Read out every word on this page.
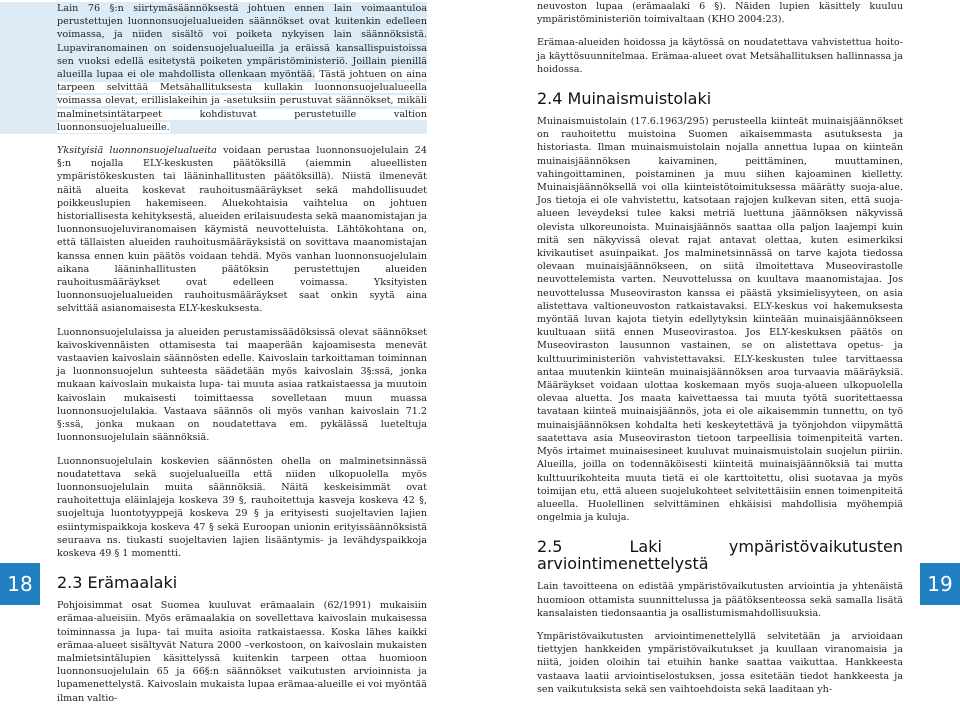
Lain 76 §:n siirtymäsäännöksestä johtuen ennen lain voimaantuloa perustettujen luonnonsuojelualueiden säännökset ovat kuitenkin edelleen voimassa, ja niiden sisältö voi poiketa nykyisen lain säännöksistä. Lupaviranomainen on soidensuojelualueilla ja eräissä kansallispuistoissa sen vuoksi edellä esitetystä poiketen ympäristöministeriö. Joillain pienillä alueilla lupaa ei ole mahdollista ollenkaan myöntää. Tästä johtuen on aina tarpeen selvittää Metsähallituksesta kullakin luonnonsuojelualueella voimassa olevat, erillislakeihin ja -asetuksiin perustuvat säännökset, mikäli malminetsintätarpeet kohdistuvat perustetuille valtion luonnonsuojelualueille.

Yksityisiä luonnonsuojelualueita voidaan perustaa luonnonsuojelulain 24 §:n nojalla ELY-keskusten päätöksillä (aiemmin alueellisten ympäristökeskusten tai lääninhallitusten päätöksillä). Niistä ilmenevät näitä alueita koskevat rauhoitusmääräykset sekä mahdollisuudet poikkeuslupien hakemiseen. Aluekohtaisia vaihtelua on johtuen historiallisesta kehityksestä, alueiden erilaisuudesta sekä maanomistajan ja luonnonsuojeluviranomaisen käymistä neuvotteluista. Lähtökohtana on, että tällaisten alueiden rauhoitusmääräyksistä on sovittava maanomistajan kanssa ennen kuin päätös voidaan tehdä. Myös vanhan luonnonsuojelulain aikana lääninhallitusten päätöksin perustettujen alueiden rauhoitusmääräykset ovat edelleen voimassa. Yksityisten luonnonsuojelualueiden rauhoitusmääräykset saat onkin syytä aina selvittää asianomaisesta ELY-keskuksesta.

Luonnonsuojelulaissa ja alueiden perustamissäädöksissä olevat säännökset kaivoskivennäisten ottamisesta tai maaperään kajoamisesta menevät vastaavien kaivoslain säännösten edelle. Kaivoslain tarkoittaman toiminnan ja luonnonsuojelun suhteesta säädetään myös kaivoslain 3§:ssä, jonka mukaan kaivoslain mukaista lupa- tai muuta asiaa ratkaistaessa ja muutoin kaivoslain mukaisesti toimittaessa sovelletaan muun muassa luonnonsuojelulakia. Vastaava säännös oli myös vanhan kaivoslain 71.2 §:ssä, jonka mukaan on noudatettava em. pykälässä lueteltuja luonnonsuojelulain säännöksiä.

Luonnonsuojelulain koskevien säännösten ohella on malminetsinnässä noudatettava sekä suojelualueilla että niiden ulkopuolella myös luonnonsuojelulain muita säännöksiä. Näitä keskeisimmät ovat rauhoitettuja eläinlajeja koskeva 39 §, rauhoitettuja kasveja koskeva 42 §, suojeltuja luontotyyppejä koskeva 29 § ja erityisesti suojeltavien lajien esiintymispaikkoja koskeva 47 § sekä Euroopan unionin erityissäännöksistä seuraava ns. tiukasti suojeltavien lajien lisääntymis- ja levähdyspaikkoja koskeva 49 § 1 momentti.

2.3 Erämaalaki

Pohjoisimmat osat Suomea kuuluvat erämaalain (62/1991) mukaisiin erämaa-alueisiin. Myös erämaalakia on sovellettava kaivoslain mukaisessa toiminnassa ja lupa- tai muita asioita ratkaistaessa. Koska lähes kaikki erämaa-alueet sisältyvät Natura 2000 –verkostoon, on kaivoslain mukaisten malmietsintälupien käsittelyssä kuitenkin tarpeen ottaa huomioon luonnonsuojelulain 65 ja 66§:n säännökset vaikutusten arvioinnista ja lupamenettelystä. Kaivoslain mukaista lupaa erämaa-alueille ei voi myöntää ilman valtio-

neuvoston lupaa (erämaalaki 6 §). Näiden lupien käsittely kuuluu ympäristöministeriön toimivaltaan (KHO 2004:23).

Erämaa-alueiden hoidossa ja käytössä on noudatettava vahvistettua hoito- ja käyttösuunnitelmaa. Erämaa-alueet ovat Metsähallituksen hallinnassa ja hoidossa.

2.4 Muinaismuistolaki

Muinaismuistolain (17.6.1963/295) perusteella kiinteät muinaisjäännökset on rauhoitettu muistoina Suomen aikaisemmasta asutuksesta ja historiasta. Ilman muinaismuistolain nojalla annettua lupaa on kiinteän muinaisjäännöksen kaivaminen, peittäminen, muuttaminen, vahingoittaminen, poistaminen ja muu siihen kajoaminen kielletty. Muinaisjäännöksellä voi olla kiinteistötoimituksessa määrätty suoja-alue. Jos tietoja ei ole vahvistettu, katsotaan rajojen kulkevan siten, että suoja-alueen leveydeksi tulee kaksi metriä luettuna jäännöksen näkyvissä olevista ulkoreunoista. Muinaisjäännös saattaa olla paljon laajempi kuin mitä sen näkyvissä olevat rajat antavat olettaa, kuten esimerkiksi kivikautiset asuinpaikat. Jos malminetsinnässä on tarve kajota tiedossa olevaan muinaisjäännökseen, on siitä ilmoitettava Museovirastolle neuvottelemista varten. Neuvottelussa on kuultava maanomistajaa. Jos neuvottelussa Museoviraston kanssa ei päästä yksimielisyyteen, on asia alistettava valtioneuvoston ratkaistavaksi. ELY-keskus voi hakemuksesta myöntää luvan kajota tietyin edellytyksin kiinteään muinaisjäännökseen kuultuaan siitä ennen Museovirastoa. Jos ELY-keskuksen päätös on Museoviraston lausunnon vastainen, se on alistettava opetus- ja kulttuuriministeriön vahvistettavaksi. ELY-keskusten tulee tarvittaessa antaa muutenkin kiinteän muinaisjäännöksen aroa turvaavia määräyksiä. Määräykset voidaan ulottaa koskemaan myös suoja-alueen ulkopuolella olevaa aluetta. Jos maata kaivettaessa tai muuta työtä suoritettaessa tavataan kiinteä muinaisjäännös, jota ei ole aikaisemmin tunnettu, on työ muinaisjäännöksen kohdalta heti keskeytettävä ja työnjohdon viipymättä saatettava asia Museoviraston tietoon tarpeellisia toimenpiteitä varten. Myös irtaimet muinaisesineet kuuluvat muinaismuistolain suojelun piiriin. Alueilla, joilla on todennäköisesti kiinteitä muinaisjäännöksiä tai mutta kulttuurikohteita muuta tietä ei ole karttoitettu, olisi suotavaa ja myös toimijan etu, että alueen suojelukohteet selvitettäisiin ennen toimenpiteitä alueella. Huolellinen selvittäminen ehkäisisi mahdollisia myöhempiä ongelmia ja kuluja.

2.5 Laki ympäristövaikutusten arviointimenettelystä

Lain tavoitteena on edistää ympäristövaikutusten arviointia ja yhtenäistä huomioon ottamista suunnittelussa ja päätöksenteossa sekä samalla lisätä kansalaisten tiedonsaantia ja osallistumismahdollisuuksia.

Ympäristövaikutusten arviointimenettelyllä selvitetään ja arvioidaan tiettyjen hankkeiden ympäristövaikutukset ja kuullaan viranomaisia ja niitä, joiden oloihin tai etuihin hanke saattaa vaikuttaa. Hankkeesta vastaava laatii arviointiselostuksen, jossa esitetään tiedot hankkeesta ja sen vaikutuksista sekä sen vaihtoehdoista sekä laaditaan yh-

18	19
